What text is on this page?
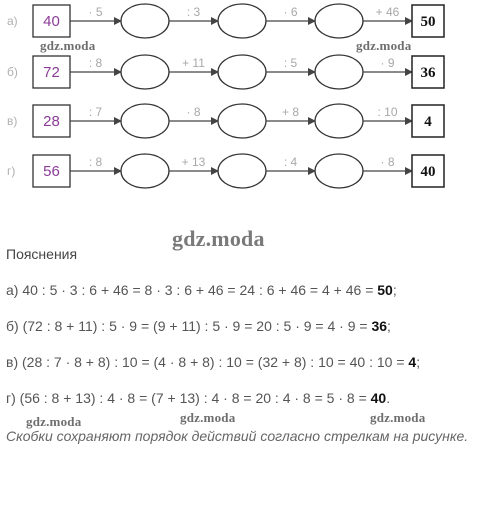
а) 40
· 5	: 3	· 6	+ 46
50
б) 72
: 8	+ 11	: 5	· 9
36
в) 28
: 7	· 8	+ 8	: 10
4
г) 56
: 8	+ 13	: 4	· 8
40
gdz.moda	gdz.moda
gdz.moda
Пояснения
а) 40 : 5 · 3 : 6 + 46 = 8 · 3 : 6 + 46 = 24 : 6 + 46 = 4 + 46 = 50;
б) (72 : 8 + 11) : 5 · 9 = (9 + 11) : 5 · 9 = 20 : 5 · 9 = 4 · 9 = 36;
в) (28 : 7 · 8 + 8) : 10 = (4 · 8 + 8) : 10 = (32 + 8) : 10 = 40 : 10 = 4;
г) (56 : 8 + 13) : 4 · 8 = (7 + 13) : 4 · 8 = 20 : 4 · 8 = 5 · 8 = 40.
gdz.moda	gdz.moda	gdz.moda
Скобки сохраняют порядок действий согласно стрелкам на рисунке.
